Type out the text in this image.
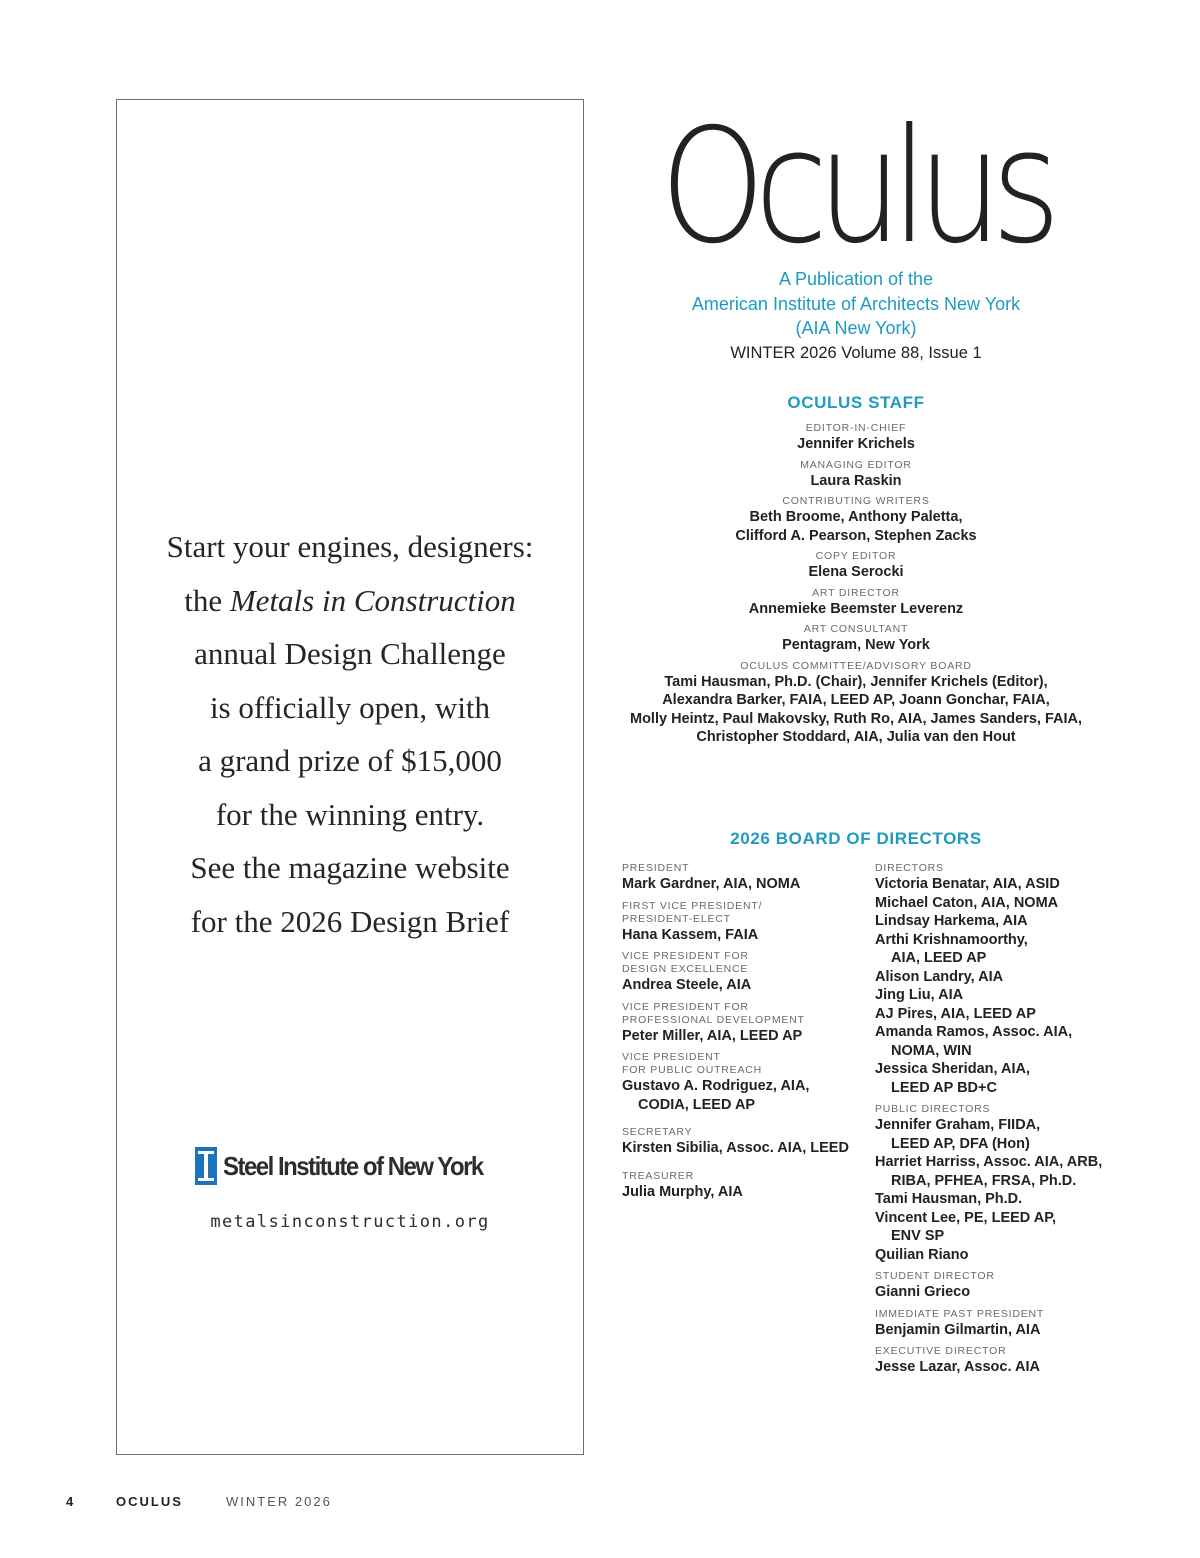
Start your engines, designers:
the Metals in Construction
annual Design Challenge
is officially open, with
a grand prize of $15,000
for the winning entry.
See the magazine website
for the 2026 Design Brief
Steel Institute of New York
metalsinconstruction.org
Oculus
A Publication of the
American Institute of Architects New York
(AIA New York)
WINTER 2026 Volume 88, Issue 1
OCULUS STAFF
EDITOR-IN-CHIEF
Jennifer Krichels
MANAGING EDITOR
Laura Raskin
CONTRIBUTING WRITERS
Beth Broome, Anthony Paletta,
Clifford A. Pearson, Stephen Zacks
COPY EDITOR
Elena Serocki
ART DIRECTOR
Annemieke Beemster Leverenz
ART CONSULTANT
Pentagram, New York
OCULUS COMMITTEE/ADVISORY BOARD
Tami Hausman, Ph.D. (Chair), Jennifer Krichels (Editor),
Alexandra Barker, FAIA, LEED AP, Joann Gonchar, FAIA,
Molly Heintz, Paul Makovsky, Ruth Ro, AIA, James Sanders, FAIA,
Christopher Stoddard, AIA, Julia van den Hout
2026 BOARD OF DIRECTORS
PRESIDENT
Mark Gardner, AIA, NOMA
FIRST VICE PRESIDENT/
PRESIDENT-ELECT
Hana Kassem, FAIA
VICE PRESIDENT FOR
DESIGN EXCELLENCE
Andrea Steele, AIA
VICE PRESIDENT FOR
PROFESSIONAL DEVELOPMENT
Peter Miller, AIA, LEED AP
VICE PRESIDENT
FOR PUBLIC OUTREACH
Gustavo A. Rodriguez, AIA,
CODIA, LEED AP
SECRETARY
Kirsten Sibilia, Assoc. AIA, LEED
TREASURER
Julia Murphy, AIA
DIRECTORS
Victoria Benatar, AIA, ASID
Michael Caton, AIA, NOMA
Lindsay Harkema, AIA
Arthi Krishnamoorthy,
AIA, LEED AP
Alison Landry, AIA
Jing Liu, AIA
AJ Pires, AIA, LEED AP
Amanda Ramos, Assoc. AIA,
NOMA, WIN
Jessica Sheridan, AIA,
LEED AP BD+C
PUBLIC DIRECTORS
Jennifer Graham, FIIDA,
LEED AP, DFA (Hon)
Harriet Harriss, Assoc. AIA, ARB,
RIBA, PFHEA, FRSA, Ph.D.
Tami Hausman, Ph.D.
Vincent Lee, PE, LEED AP,
ENV SP
Quilian Riano
STUDENT DIRECTOR
Gianni Grieco
IMMEDIATE PAST PRESIDENT
Benjamin Gilmartin, AIA
EXECUTIVE DIRECTOR
Jesse Lazar, Assoc. AIA
4	OCULUS	WINTER 2026
